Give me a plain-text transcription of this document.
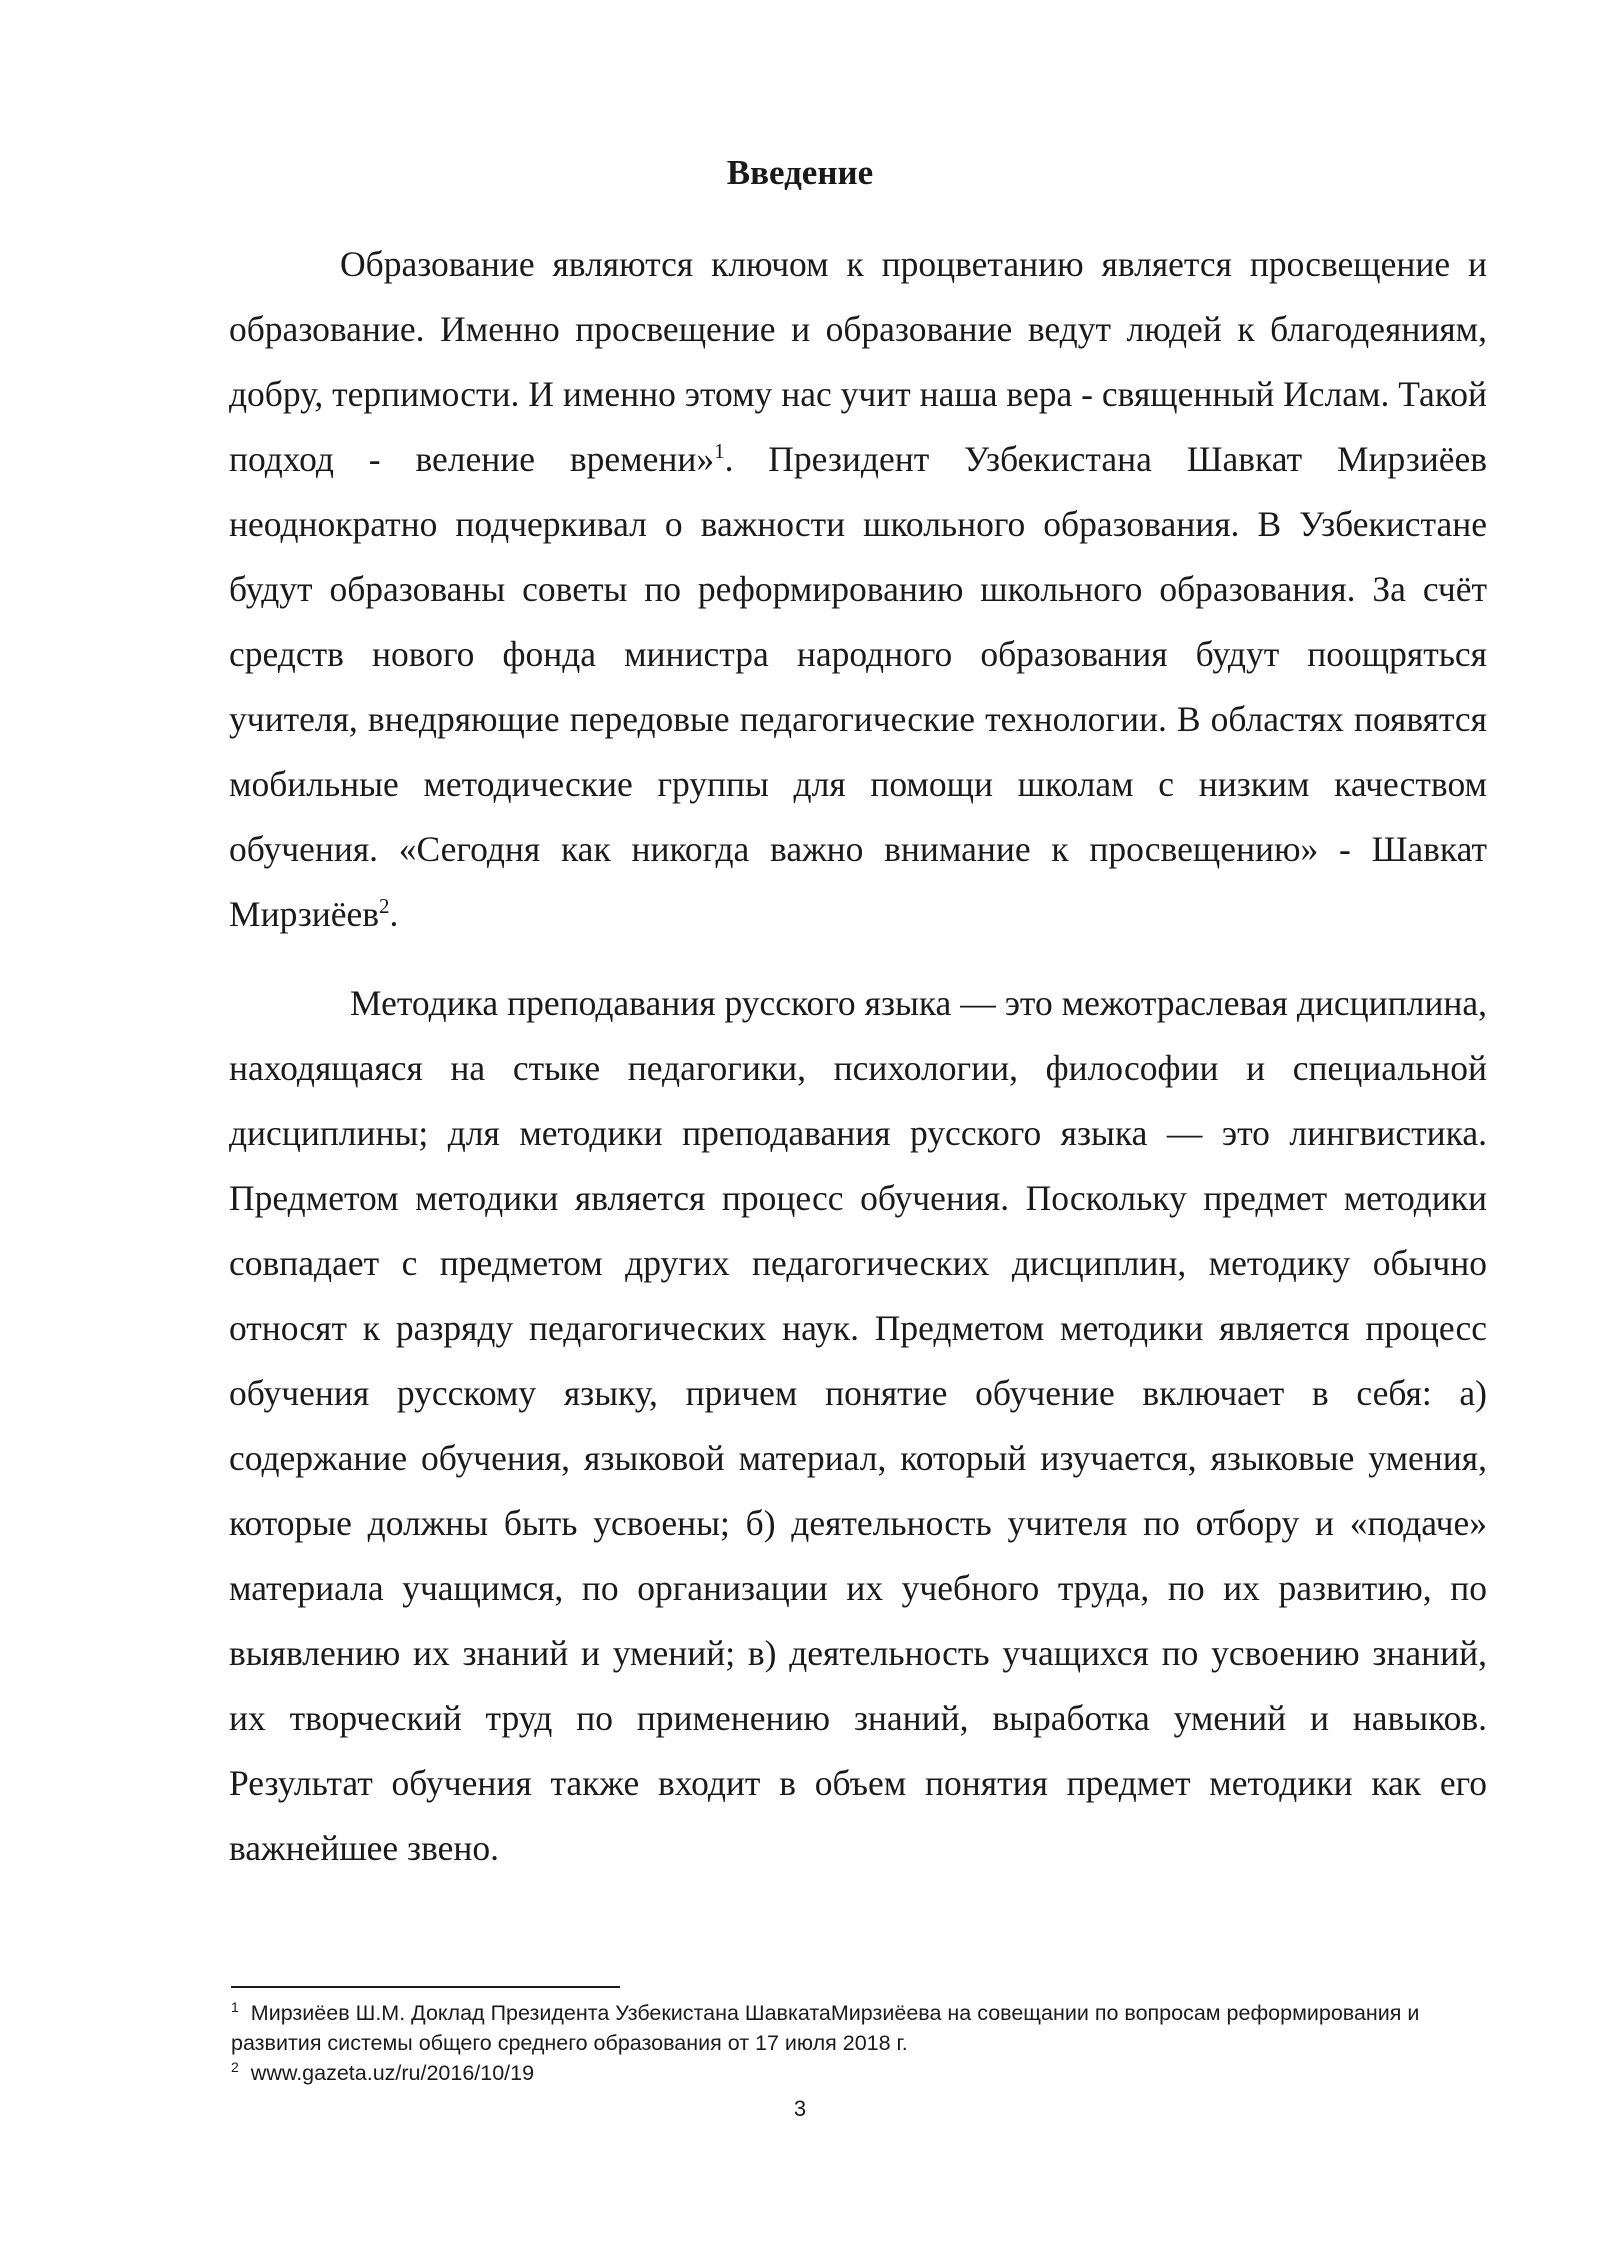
Введение

Образование являются ключом к процветанию является просвещение и образование. Именно просвещение и образование ведут людей к благодеяниям, добру, терпимости. И именно этому нас учит наша вера - священный Ислам. Такой подход - веление времени»$^1$. Президент Узбекистана Шавкат Мирзиёев неоднократно подчеркивал о важности школьного образования. В Узбекистане будут образованы советы по реформированию школьного образования. За счёт средств нового фонда министра народного образования будут поощряться учителя, внедряющие передовые педагогические технологии. В областях появятся мобильные методические группы для помощи школам с низким качеством обучения. «Сегодня как никогда важно внимание к просвещению» - Шавкат Мирзиёев$^2$.

Методика преподавания русского языка — это межотраслевая дисциплина, находящаяся на стыке педагогики, психологии, философии и специальной дисциплины; для методики преподавания русского языка — это лингвистика. Предметом методики является процесс обучения. Поскольку предмет методики совпадает с предметом других педагогических дисциплин, методику обычно относят к разряду педагогических наук. Предметом методики является процесс обучения русскому языку, причем понятие обучение включает в себя: а) содержание обучения, языковой материал, который изучается, языковые умения, которые должны быть усвоены; б) деятельность учителя по отбору и «подаче» материала учащимся, по организации их учебного труда, по их развитию, по выявлению их знаний и умений; в) деятельность учащихся по усвоению знаний, их творческий труд по применению знаний, выработка умений и навыков. Результат обучения также входит в объем понятия предмет методики как его важнейшее звено.

$^1$ Мирзиёев Ш.М. Доклад Президента Узбекистана ШавкатаМирзиёева на совещании по вопросам реформирования и развития системы общего среднего образования от 17 июля 2018 г.

$^2$ www.gazeta.uz/ru/2016/10/19

3
